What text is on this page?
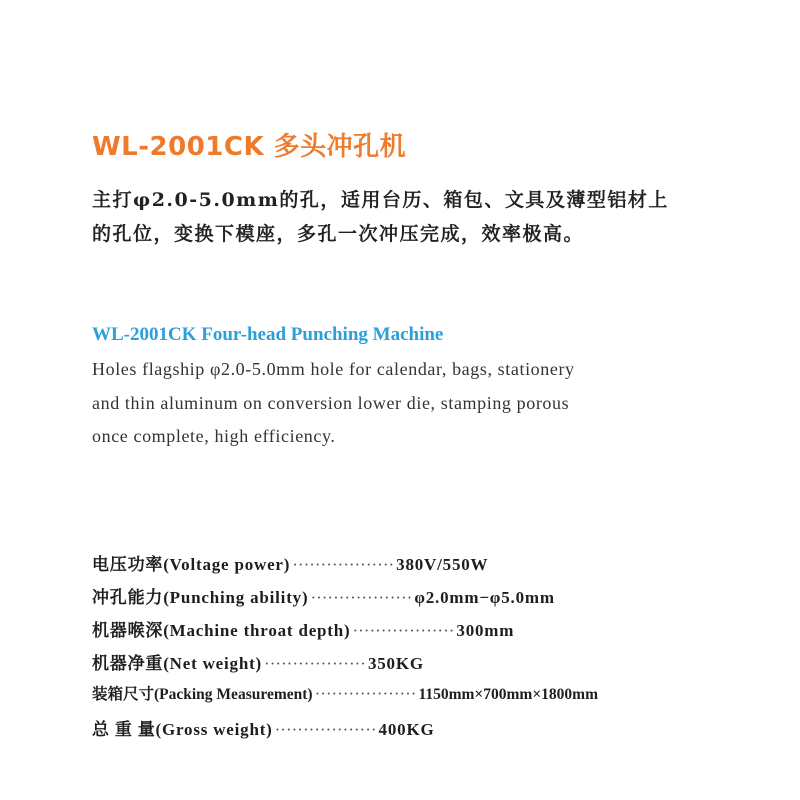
WL-2001CK 多头冲孔机
主打φ2.0-5.0mm的孔，适用台历、箱包、文具及薄型铝材上
的孔位，变换下模座，多孔一次冲压完成，效率极高。
WL-2001CK Four-head Punching Machine
Holes flagship φ2.0-5.0mm hole for calendar, bags, stationery
and thin aluminum on conversion lower die, stamping porous
once complete, high efficiency.
电压功率(Voltage power) ·················· 380V/550W
冲孔能力(Punching ability) ·················· φ2.0mm−φ5.0mm
机器喉深(Machine throat depth) ·················· 300mm
机器净重(Net weight) ·················· 350KG
装箱尺寸(Packing Measurement) ·················· 1150mm×700mm×1800mm
总 重 量(Gross weight) ·················· 400KG
